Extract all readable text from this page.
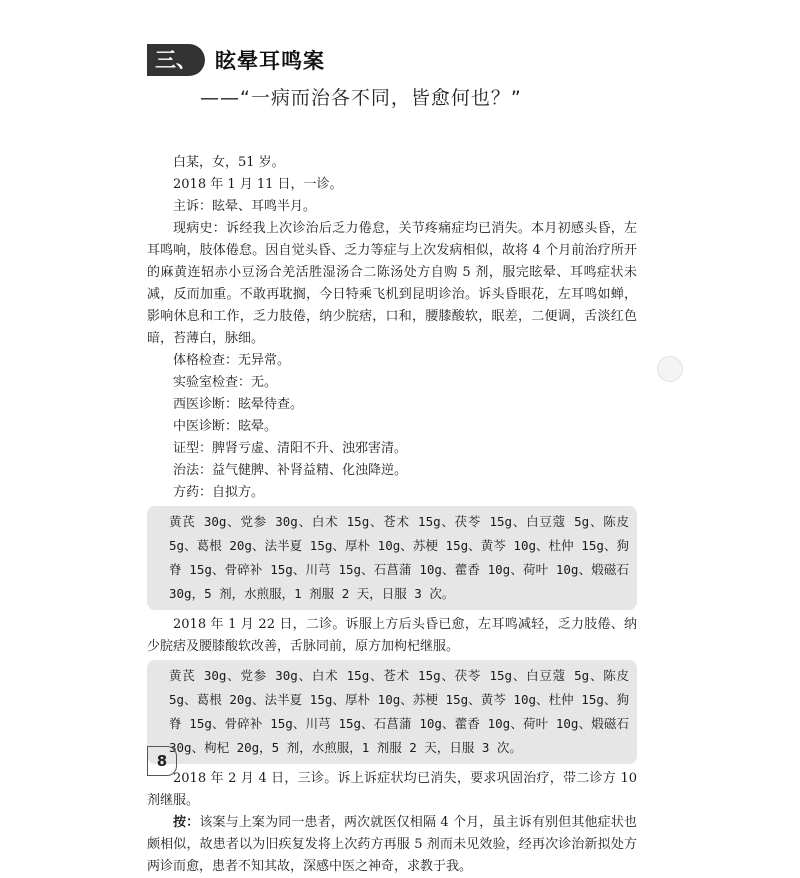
三、 眩晕耳鸣案
——“一病而治各不同，皆愈何也？”

白某，女，51 岁。

2018 年 1 月 11 日，一诊。

主诉：眩晕、耳鸣半月。

现病史：诉经我上次诊治后乏力倦怠，关节疼痛症均已消失。本月初感头昏，左耳鸣响，肢体倦怠。因自觉头昏、乏力等症与上次发病相似，故将 4 个月前治疗所开的麻黄连轺赤小豆汤合羌活胜湿汤合二陈汤处方自购 5 剂，服完眩晕、耳鸣症状未减，反而加重。不敢再耽搁，今日特乘飞机到昆明诊治。诉头昏眼花，左耳鸣如蝉，影响休息和工作，乏力肢倦，纳少脘痞，口和，腰膝酸软，眠差，二便调，舌淡红色暗，苔薄白，脉细。

体格检查：无异常。

实验室检查：无。

西医诊断：眩晕待查。

中医诊断：眩晕。

证型：脾肾亏虚、清阳不升、浊邪害清。

治法：益气健脾、补肾益精、化浊降逆。

方药：自拟方。

黄芪 30g、党参 30g、白术 15g、苍术 15g、茯苓 15g、白豆蔻 5g、陈皮 5g、葛根 20g、法半夏 15g、厚朴 10g、苏梗 15g、黄芩 10g、杜仲 15g、狗脊 15g、骨碎补 15g、川芎 15g、石菖蒲 10g、藿香 10g、荷叶 10g、煅磁石 30g，5 剂，水煎服，1 剂服 2 天，日服 3 次。

2018 年 1 月 22 日，二诊。诉服上方后头昏已愈，左耳鸣减轻，乏力肢倦、纳少脘痞及腰膝酸软改善，舌脉同前，原方加枸杞继服。

黄芪 30g、党参 30g、白术 15g、苍术 15g、茯苓 15g、白豆蔻 5g、陈皮 5g、葛根 20g、法半夏 15g、厚朴 10g、苏梗 15g、黄芩 10g、杜仲 15g、狗脊 15g、骨碎补 15g、川芎 15g、石菖蒲 10g、藿香 10g、荷叶 10g、煅磁石 30g、枸杞 20g，5 剂，水煎服，1 剂服 2 天，日服 3 次。

2018 年 2 月 4 日，三诊。诉上诉症状均已消失，要求巩固治疗，带二诊方 10 剂继服。

按：该案与上案为同一患者，两次就医仅相隔 4 个月，虽主诉有别但其他症状也颇相似，故患者以为旧疾复发将上次药方再服 5 剂而未见效验，经再次诊治新拟处方两诊而愈，患者不知其故，深感中医之神奇，求教于我。

8
